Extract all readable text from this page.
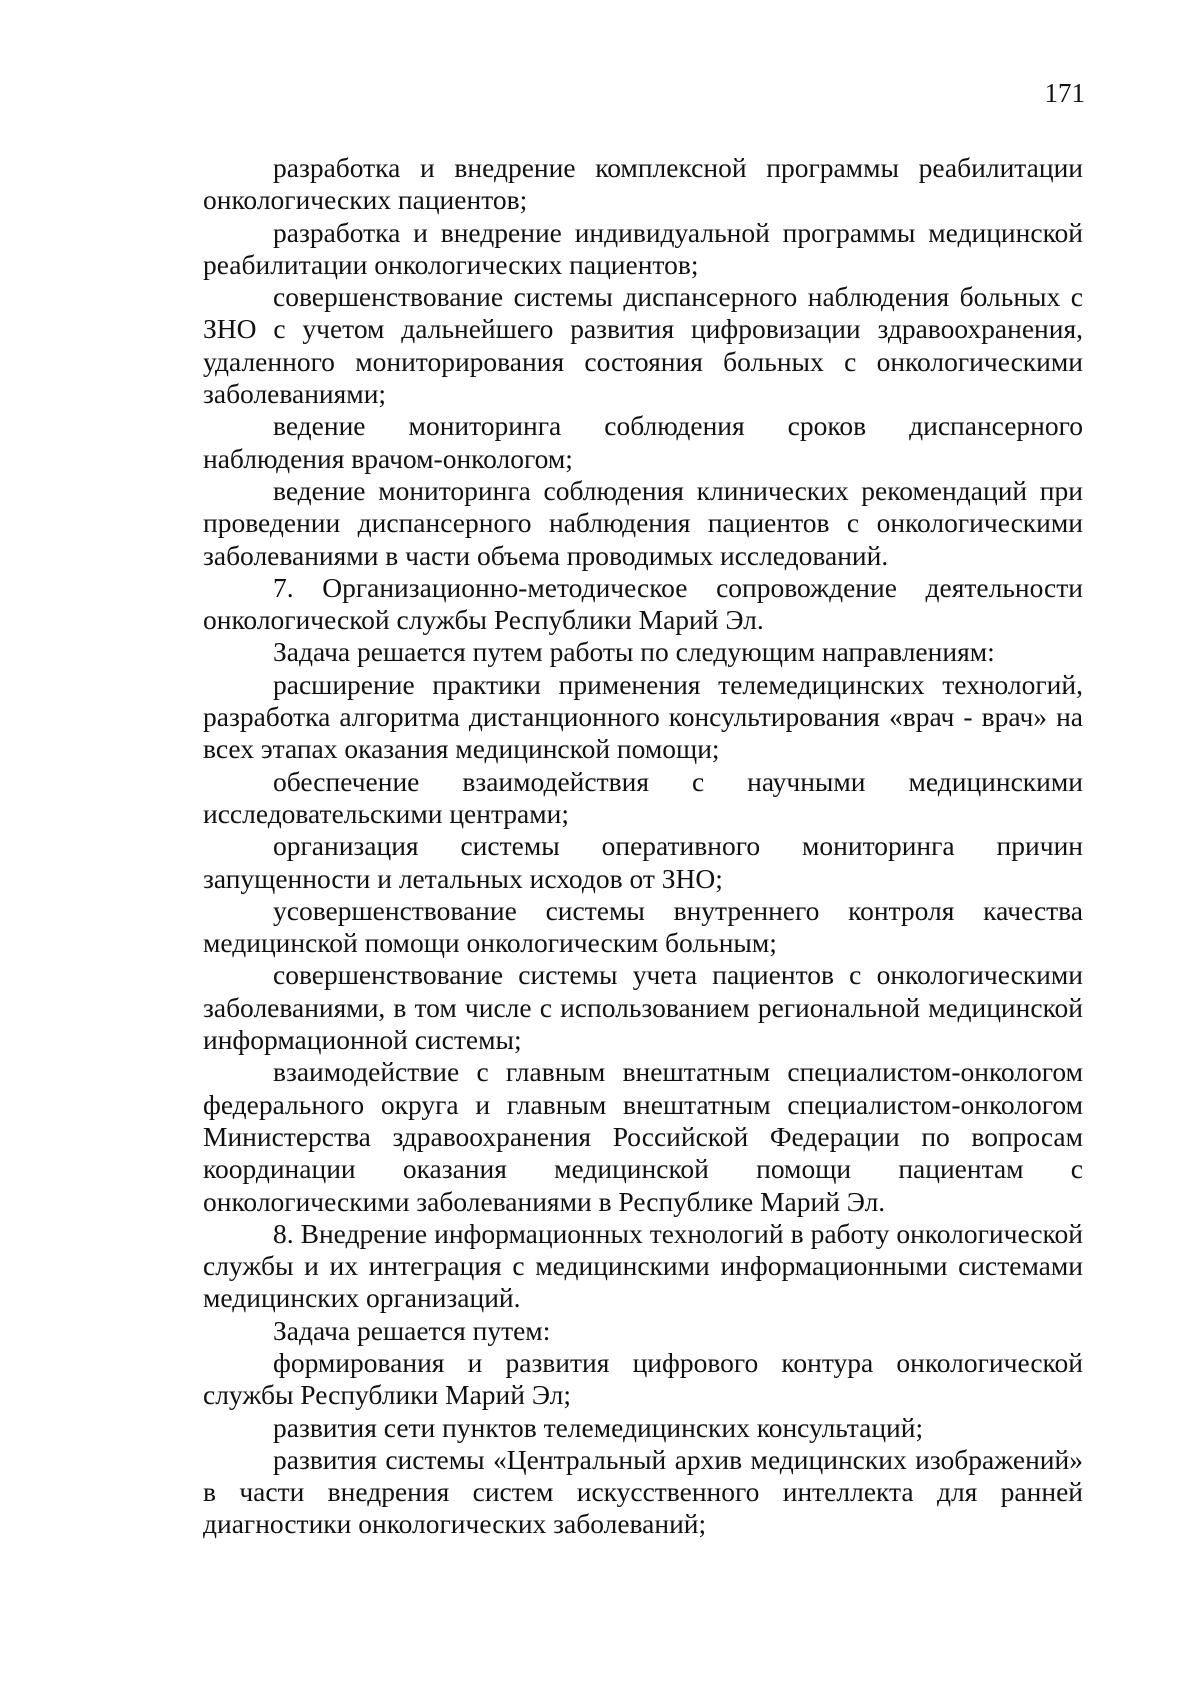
171

разработка и внедрение комплексной программы реабилитации онкологических пациентов;

разработка и внедрение индивидуальной программы медицинской реабилитации онкологических пациентов;

совершенствование системы диспансерного наблюдения больных с ЗНО с учетом дальнейшего развития цифровизации здравоохранения, удаленного мониторирования состояния больных с онкологическими заболеваниями;

ведение мониторинга соблюдения сроков диспансерного наблюдения врачом-онкологом;

ведение мониторинга соблюдения клинических рекомендаций при проведении диспансерного наблюдения пациентов с онкологическими заболеваниями в части объема проводимых исследований.

7. Организационно-методическое сопровождение деятельности онкологической службы Республики Марий Эл.

Задача решается путем работы по следующим направлениям:

расширение практики применения телемедицинских технологий, разработка алгоритма дистанционного консультирования «врач - врач» на всех этапах оказания медицинской помощи;

обеспечение взаимодействия с научными медицинскими исследовательскими центрами;

организация системы оперативного мониторинга причин запущенности и летальных исходов от ЗНО;

усовершенствование системы внутреннего контроля качества медицинской помощи онкологическим больным;

совершенствование системы учета пациентов с онкологическими заболеваниями, в том числе с использованием региональной медицинской информационной системы;

взаимодействие с главным внештатным специалистом-онкологом федерального округа и главным внештатным специалистом-онкологом Министерства здравоохранения Российской Федерации по вопросам координации оказания медицинской помощи пациентам с онкологическими заболеваниями в Республике Марий Эл.

8. Внедрение информационных технологий в работу онкологической службы и их интеграция с медицинскими информационными системами медицинских организаций.

Задача решается путем:

формирования и развития цифрового контура онкологической службы Республики Марий Эл;

развития сети пунктов телемедицинских консультаций;

развития системы «Центральный архив медицинских изображений» в части внедрения систем искусственного интеллекта для ранней диагностики онкологических заболеваний;
